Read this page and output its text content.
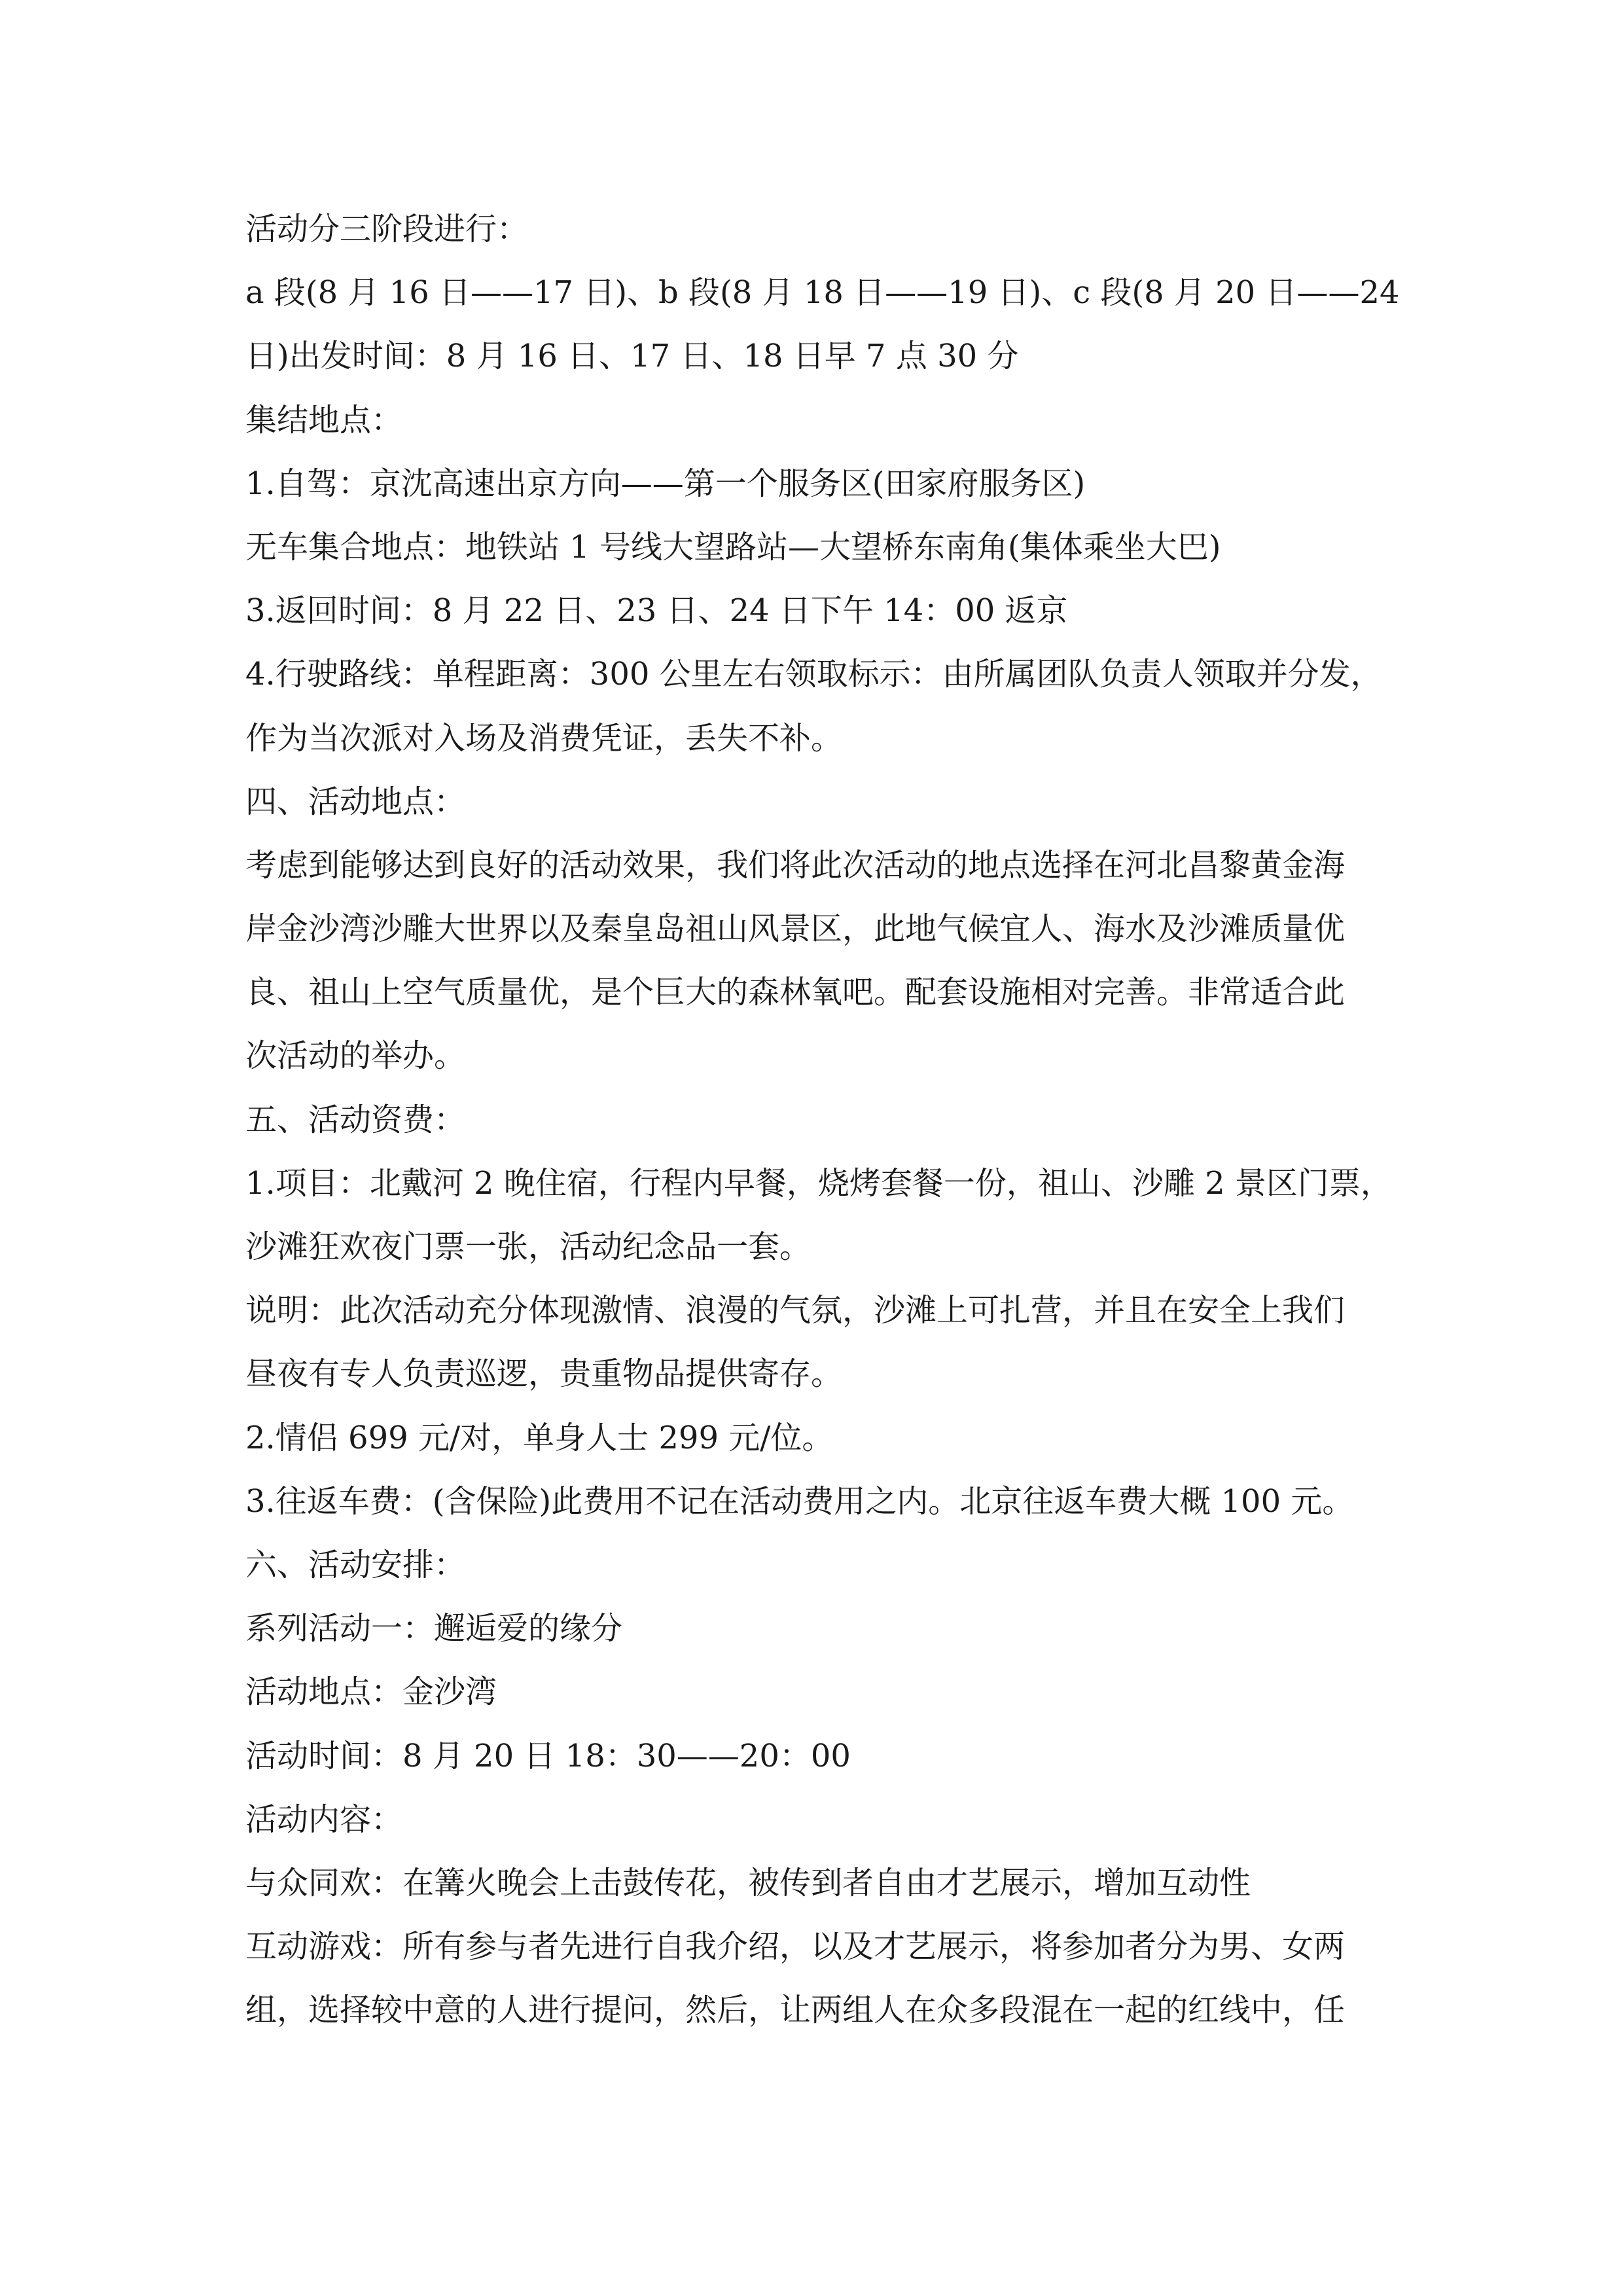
活动分三阶段进行：
a 段(8 月 16 日——17 日)、b 段(8 月 18 日——19 日)、c 段(8 月 20 日——24
日)出发时间：8 月 16 日、17 日、18 日早 7 点 30 分
集结地点：
1.自驾：京沈高速出京方向——第一个服务区(田家府服务区)
无车集合地点：地铁站 1 号线大望路站—大望桥东南角(集体乘坐大巴)
3.返回时间：8 月 22 日、23 日、24 日下午 14：00 返京
4.行驶路线：单程距离：300 公里左右领取标示：由所属团队负责人领取并分发，
作为当次派对入场及消费凭证，丢失不补。
四、活动地点：
考虑到能够达到良好的活动效果，我们将此次活动的地点选择在河北昌黎黄金海
岸金沙湾沙雕大世界以及秦皇岛祖山风景区，此地气候宜人、海水及沙滩质量优
良、祖山上空气质量优，是个巨大的森林氧吧。配套设施相对完善。非常适合此
次活动的举办。
五、活动资费：
1.项目：北戴河 2 晚住宿，行程内早餐，烧烤套餐一份，祖山、沙雕 2 景区门票，
沙滩狂欢夜门票一张，活动纪念品一套。
说明：此次活动充分体现激情、浪漫的气氛，沙滩上可扎营，并且在安全上我们
昼夜有专人负责巡逻，贵重物品提供寄存。
2.情侣 699 元/对，单身人士 299 元/位。
3.往返车费：(含保险)此费用不记在活动费用之内。北京往返车费大概 100 元。
六、活动安排：
系列活动一：邂逅爱的缘分
活动地点：金沙湾
活动时间：8 月 20 日 18：30——20：00
活动内容：
与众同欢：在篝火晚会上击鼓传花，被传到者自由才艺展示，增加互动性
互动游戏：所有参与者先进行自我介绍，以及才艺展示，将参加者分为男、女两
组，选择较中意的人进行提问，然后，让两组人在众多段混在一起的红线中，任
